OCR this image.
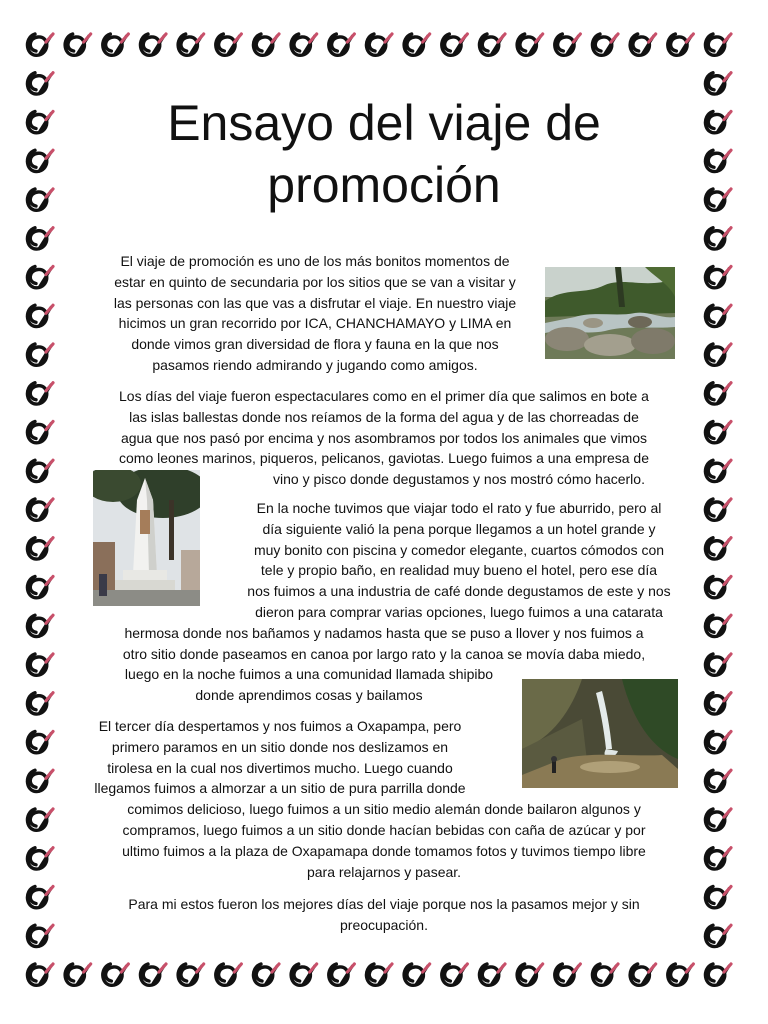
Ensayo del viaje de
promoción

El viaje de promoción es uno de los más bonitos momentos de
estar en quinto de secundaria por los sitios que se van a visitar y
las personas con las que vas a disfrutar el viaje. En nuestro viaje
hicimos un gran recorrido por ICA, CHANCHAMAYO y LIMA en
donde vimos gran diversidad de flora y fauna en la que nos
pasamos riendo admirando y jugando como amigos.

Los días del viaje fueron espectaculares como en el primer día que salimos en bote a
las islas ballestas donde nos reíamos de la forma del agua y de las chorreadas de
agua que nos pasó por encima y nos asombramos por todos los animales que vimos
como leones marinos, piqueros, pelicanos, gaviotas. Luego fuimos a una empresa de
vino y pisco donde degustamos y nos mostró cómo hacerlo.

En la noche tuvimos que viajar todo el rato y fue aburrido, pero al
día siguiente valió la pena porque llegamos a un hotel grande y
muy bonito con piscina y comedor elegante, cuartos cómodos con
tele y propio baño, en realidad muy bueno el hotel, pero ese día
nos fuimos a una industria de café donde degustamos de este y nos
dieron para comprar varias opciones, luego fuimos a una catarata
hermosa donde nos bañamos y nadamos hasta que se puso a llover y nos fuimos a
otro sitio donde paseamos en canoa por largo rato y la canoa se movía daba miedo,
luego en la noche fuimos a una comunidad llamada shipibo
donde aprendimos cosas y bailamos

El tercer día despertamos y nos fuimos a Oxapampa, pero
primero paramos en un sitio donde nos deslizamos en
tirolesa en la cual nos divertimos mucho. Luego cuando
llegamos fuimos a almorzar a un sitio de pura parrilla donde
comimos delicioso, luego fuimos a un sitio medio alemán donde bailaron algunos y
compramos, luego fuimos a un sitio donde hacían bebidas con caña de azúcar y por
ultimo fuimos a la plaza de Oxapamapa donde tomamos fotos y tuvimos tiempo libre
para relajarnos y pasear.

Para mi estos fueron los mejores días del viaje porque nos la pasamos mejor y sin
preocupación.
